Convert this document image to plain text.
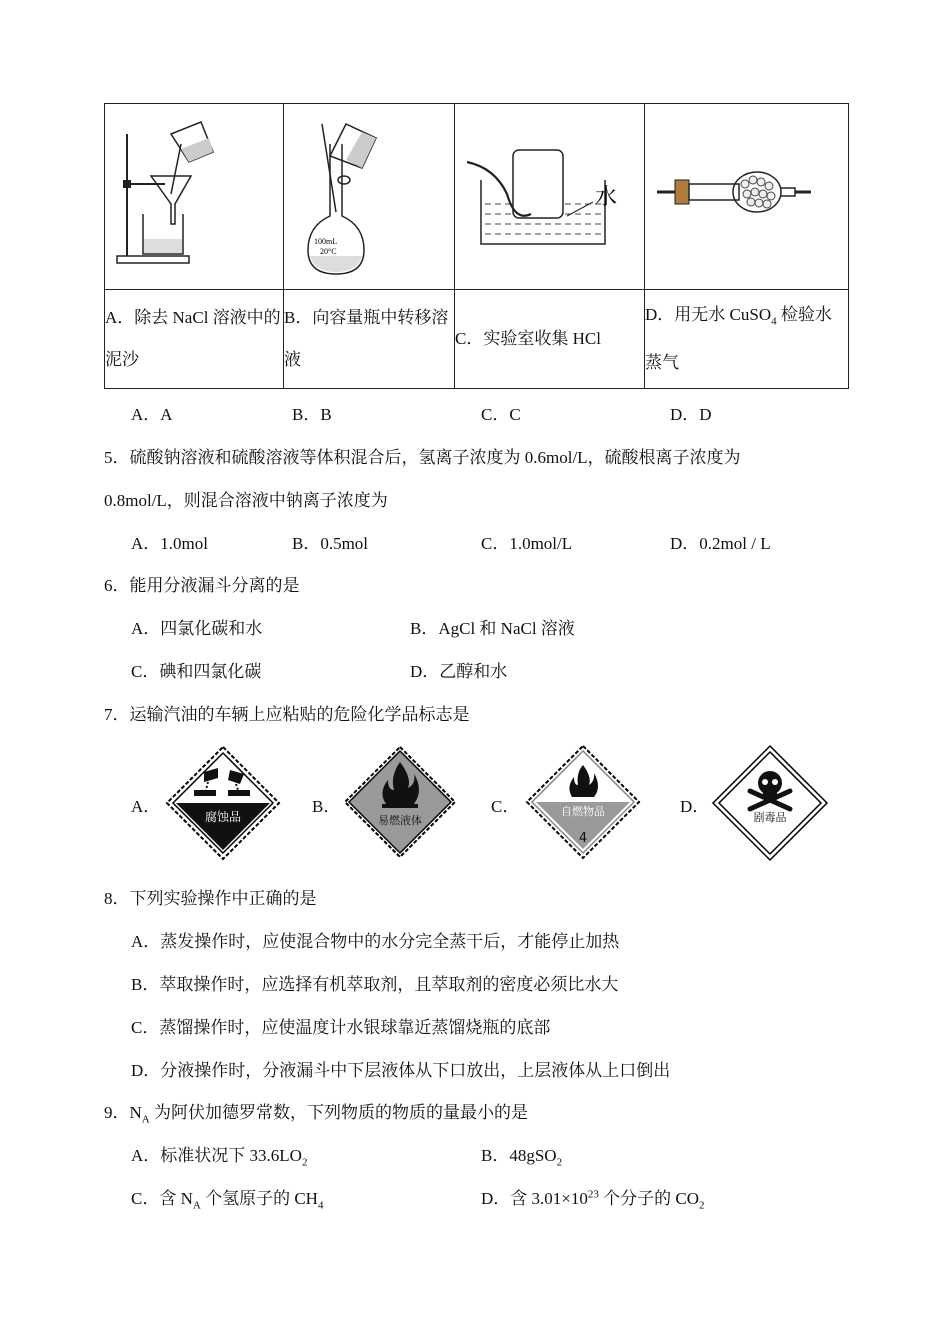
100mL
20°C	水

A．除去 NaCl 溶液中的泥沙	B．向容量瓶中转移溶液	C．实验室收集 HCl	D．用无水 CuSO$_4$ 检验水蒸气
A．A	B．B	C．C	D．D
5．硫酸钠溶液和硫酸溶液等体积混合后，氢离子浓度为 0.6mol/L，硫酸根离子浓度为
0.8mol/L，则混合溶液中钠离子浓度为
A．1.0mol	B．0.5mol	C．1.0mol/L	D．0.2mol / L
6．能用分液漏斗分离的是
A．四氯化碳和水	B．AgCl 和 NaCl 溶液
C．碘和四氯化碳	D．乙醇和水
7．运输汽油的车辆上应粘贴的危险化学品标志是
A．
腐蚀品
B．
易燃液体
C．	自燃物品
4
D．
剧毒品
8．下列实验操作中正确的是
A．蒸发操作时，应使混合物中的水分完全蒸干后，才能停止加热
B．萃取操作时，应选择有机萃取剂，且萃取剂的密度必须比水大
C．蒸馏操作时，应使温度计水银球靠近蒸馏烧瓶的底部
D．分液操作时，分液漏斗中下层液体从下口放出，上层液体从上口倒出
9．$N_A$ 为阿伏加德罗常数，下列物质的物质的量最小的是
A．标准状况下 $33.6LO_2$	B．48gSO$_2$
C．含 $N_A$ 个氢原子的 $CH_4$	D．含 $3.01\times 10^{23}$ 个分子的 $CO_2$
